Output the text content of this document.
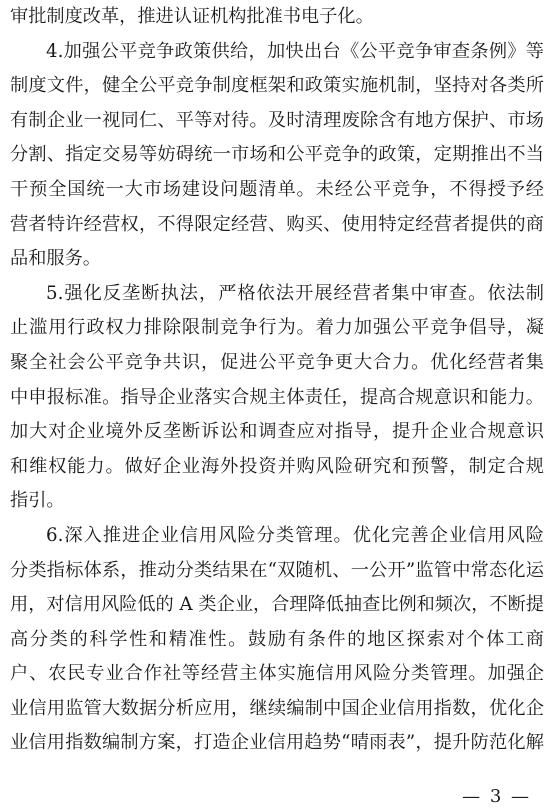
审批制度改革，推进认证机构批准书电子化。
4.加强公平竞争政策供给，加快出台《公平竞争审查条例》等
制度文件，健全公平竞争制度框架和政策实施机制，坚持对各类所
有制企业一视同仁、平等对待。及时清理废除含有地方保护、市场
分割、指定交易等妨碍统一市场和公平竞争的政策，定期推出不当
干预全国统一大市场建设问题清单。未经公平竞争，不得授予经
营者特许经营权，不得限定经营、购买、使用特定经营者提供的商
品和服务。
5.强化反垄断执法，严格依法开展经营者集中审查。依法制
止滥用行政权力排除限制竞争行为。着力加强公平竞争倡导，凝
聚全社会公平竞争共识，促进公平竞争更大合力。优化经营者集
中申报标准。指导企业落实合规主体责任，提高合规意识和能力。
加大对企业境外反垄断诉讼和调查应对指导，提升企业合规意识
和维权能力。做好企业海外投资并购风险研究和预警，制定合规
指引。
6.深入推进企业信用风险分类管理。优化完善企业信用风险
分类指标体系，推动分类结果在“双随机、一公开”监管中常态化运
用，对信用风险低的 A 类企业，合理降低抽查比例和频次，不断提
高分类的科学性和精准性。鼓励有条件的地区探索对个体工商
户、农民专业合作社等经营主体实施信用风险分类管理。加强企
业信用监管大数据分析应用，继续编制中国企业信用指数，优化企
业信用指数编制方案，打造企业信用趋势“晴雨表”，提升防范化解
— 3 —
